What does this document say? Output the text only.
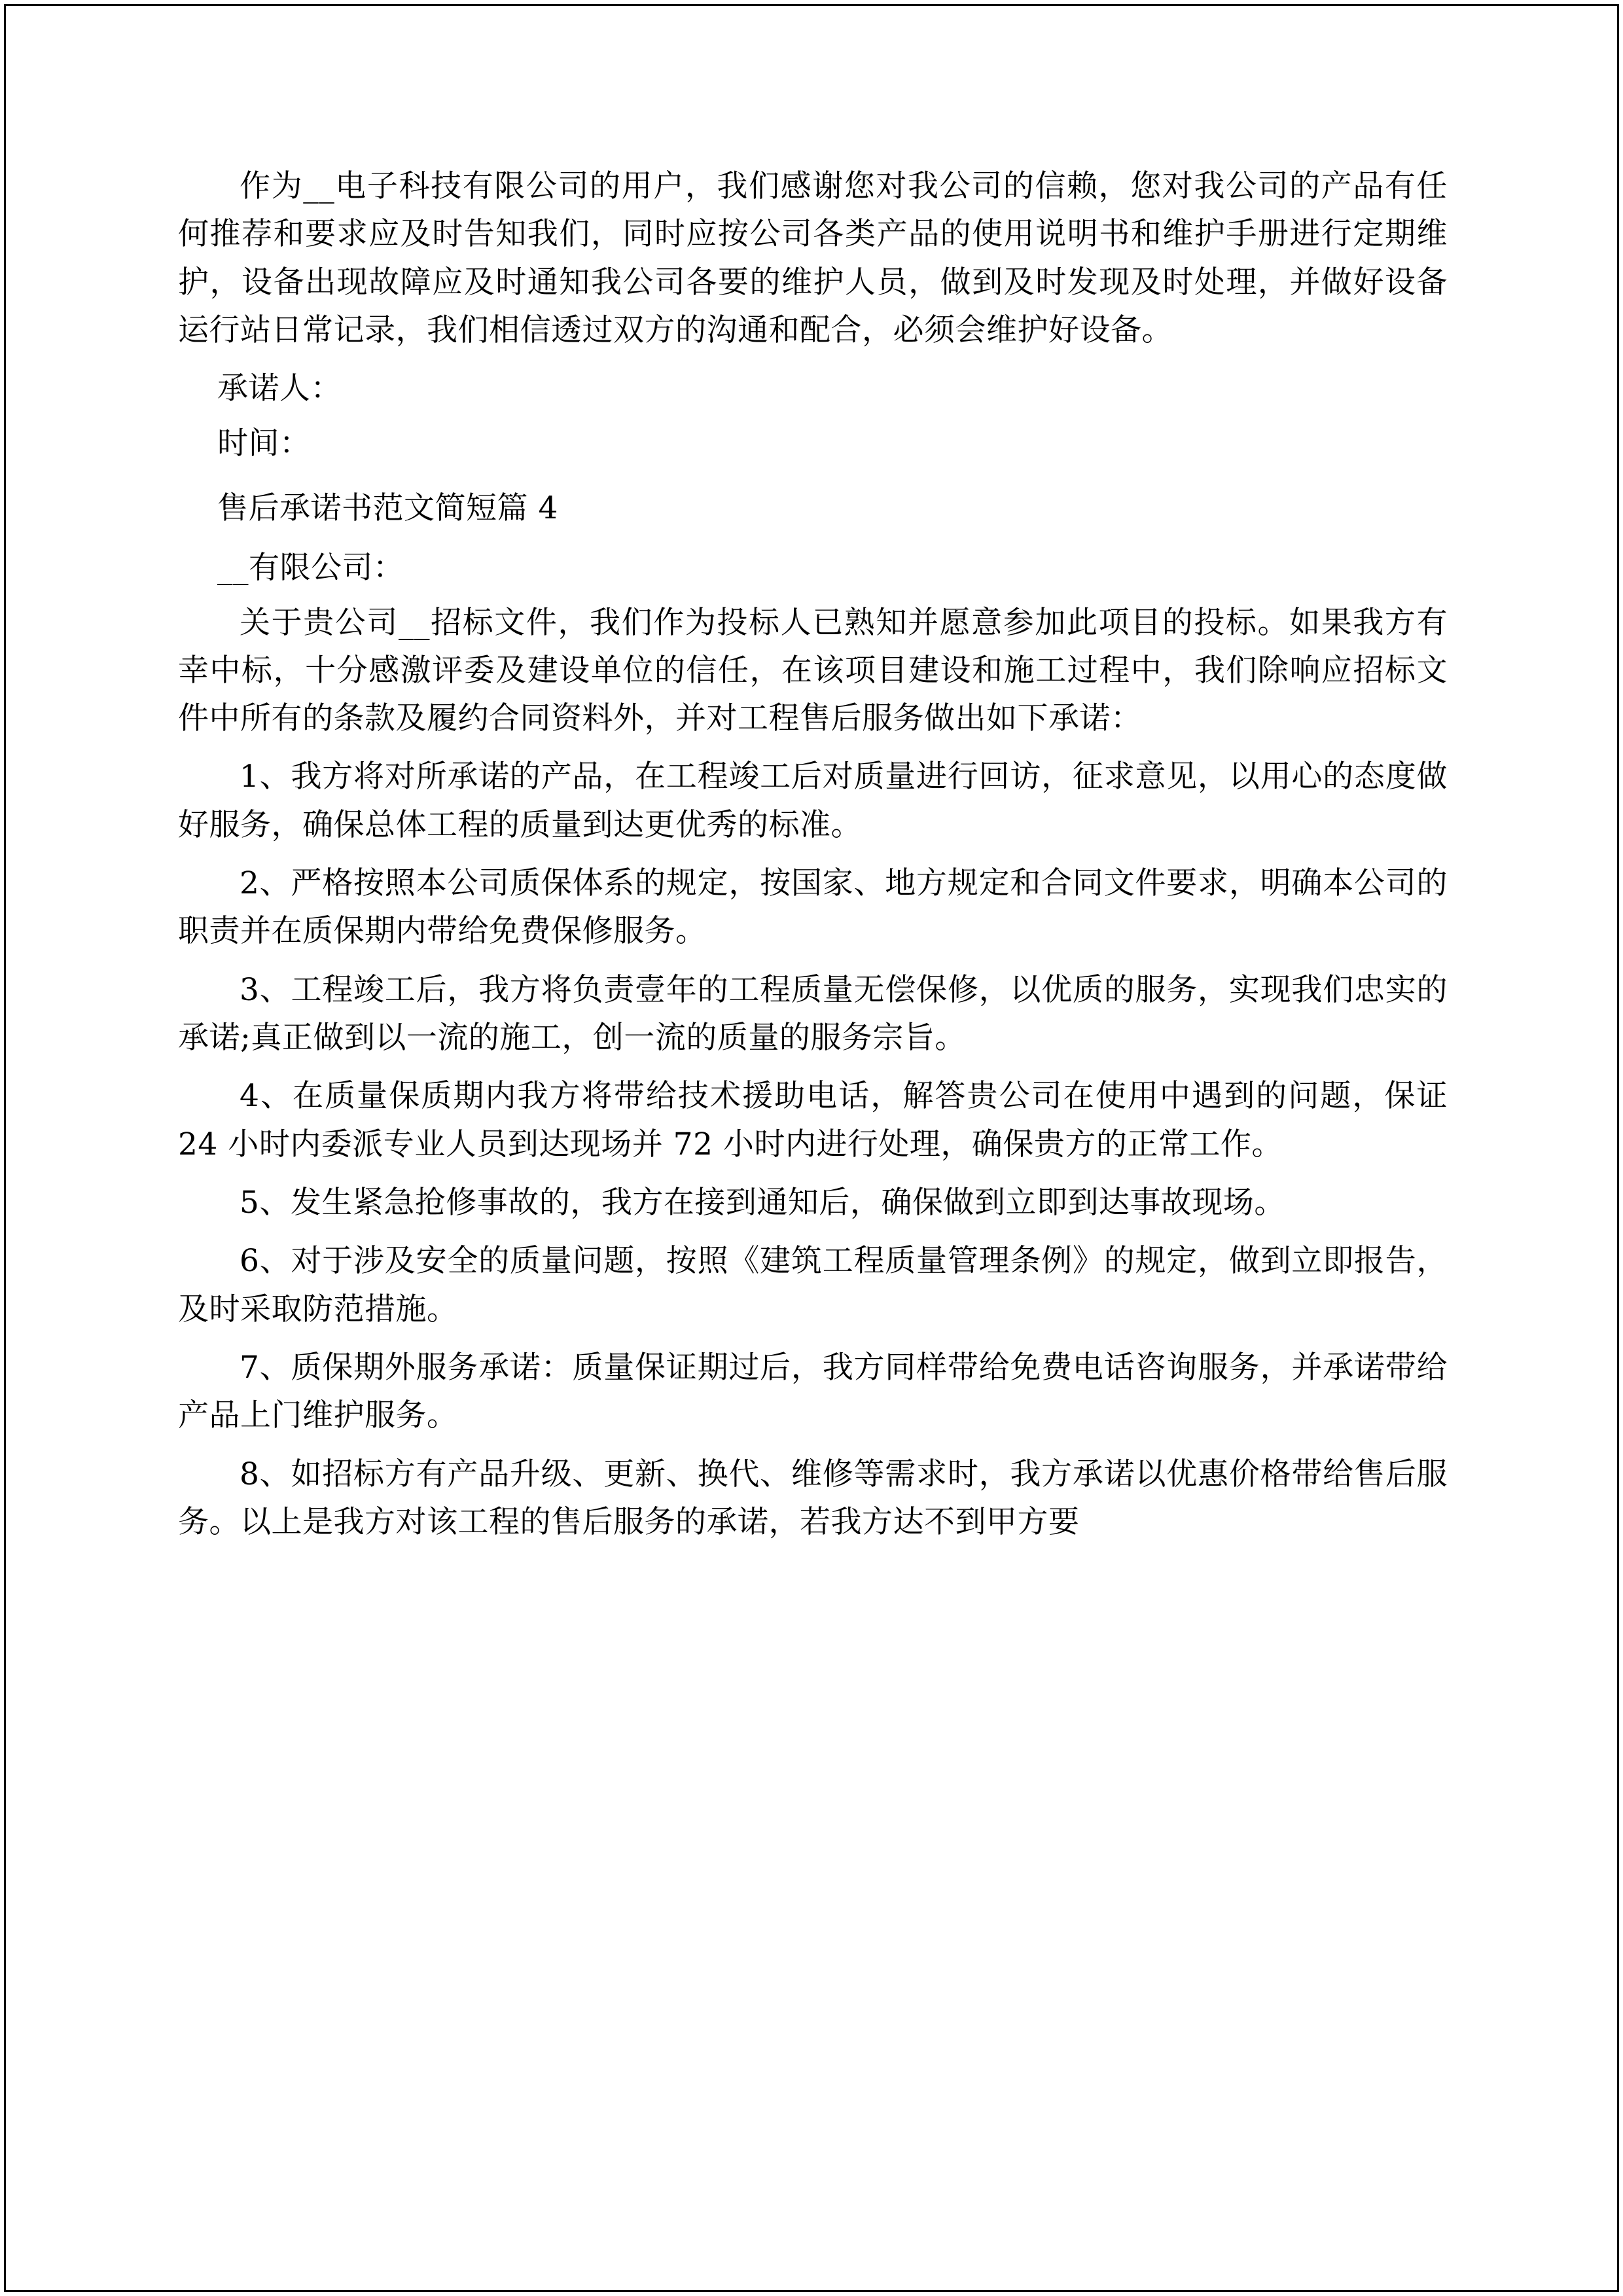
作为__电子科技有限公司的用户，我们感谢您对我公司的信赖，您对我公司的产品有任何推荐和要求应及时告知我们，同时应按公司各类产品的使用说明书和维护手册进行定期维护，设备出现故障应及时通知我公司各要的维护人员，做到及时发现及时处理，并做好设备运行站日常记录，我们相信透过双方的沟通和配合，必须会维护好设备。

承诺人：

时间：

售后承诺书范文简短篇 4

__有限公司：

关于贵公司__招标文件，我们作为投标人已熟知并愿意参加此项目的投标。如果我方有幸中标，十分感激评委及建设单位的信任，在该项目建设和施工过程中，我们除响应招标文件中所有的条款及履约合同资料外，并对工程售后服务做出如下承诺：

1、我方将对所承诺的产品，在工程竣工后对质量进行回访，征求意见，以用心的态度做好服务，确保总体工程的质量到达更优秀的标准。

2、严格按照本公司质保体系的规定，按国家、地方规定和合同文件要求，明确本公司的职责并在质保期内带给免费保修服务。

3、工程竣工后，我方将负责壹年的工程质量无偿保修，以优质的服务，实现我们忠实的承诺;真正做到以一流的施工，创一流的质量的服务宗旨。

4、在质量保质期内我方将带给技术援助电话，解答贵公司在使用中遇到的问题，保证 24 小时内委派专业人员到达现场并 72 小时内进行处理，确保贵方的正常工作。

5、发生紧急抢修事故的，我方在接到通知后，确保做到立即到达事故现场。

6、对于涉及安全的质量问题，按照《建筑工程质量管理条例》的规定，做到立即报告，及时采取防范措施。

7、质保期外服务承诺：质量保证期过后，我方同样带给免费电话咨询服务，并承诺带给产品上门维护服务。

8、如招标方有产品升级、更新、换代、维修等需求时，我方承诺以优惠价格带给售后服务。以上是我方对该工程的售后服务的承诺，若我方达不到甲方要
